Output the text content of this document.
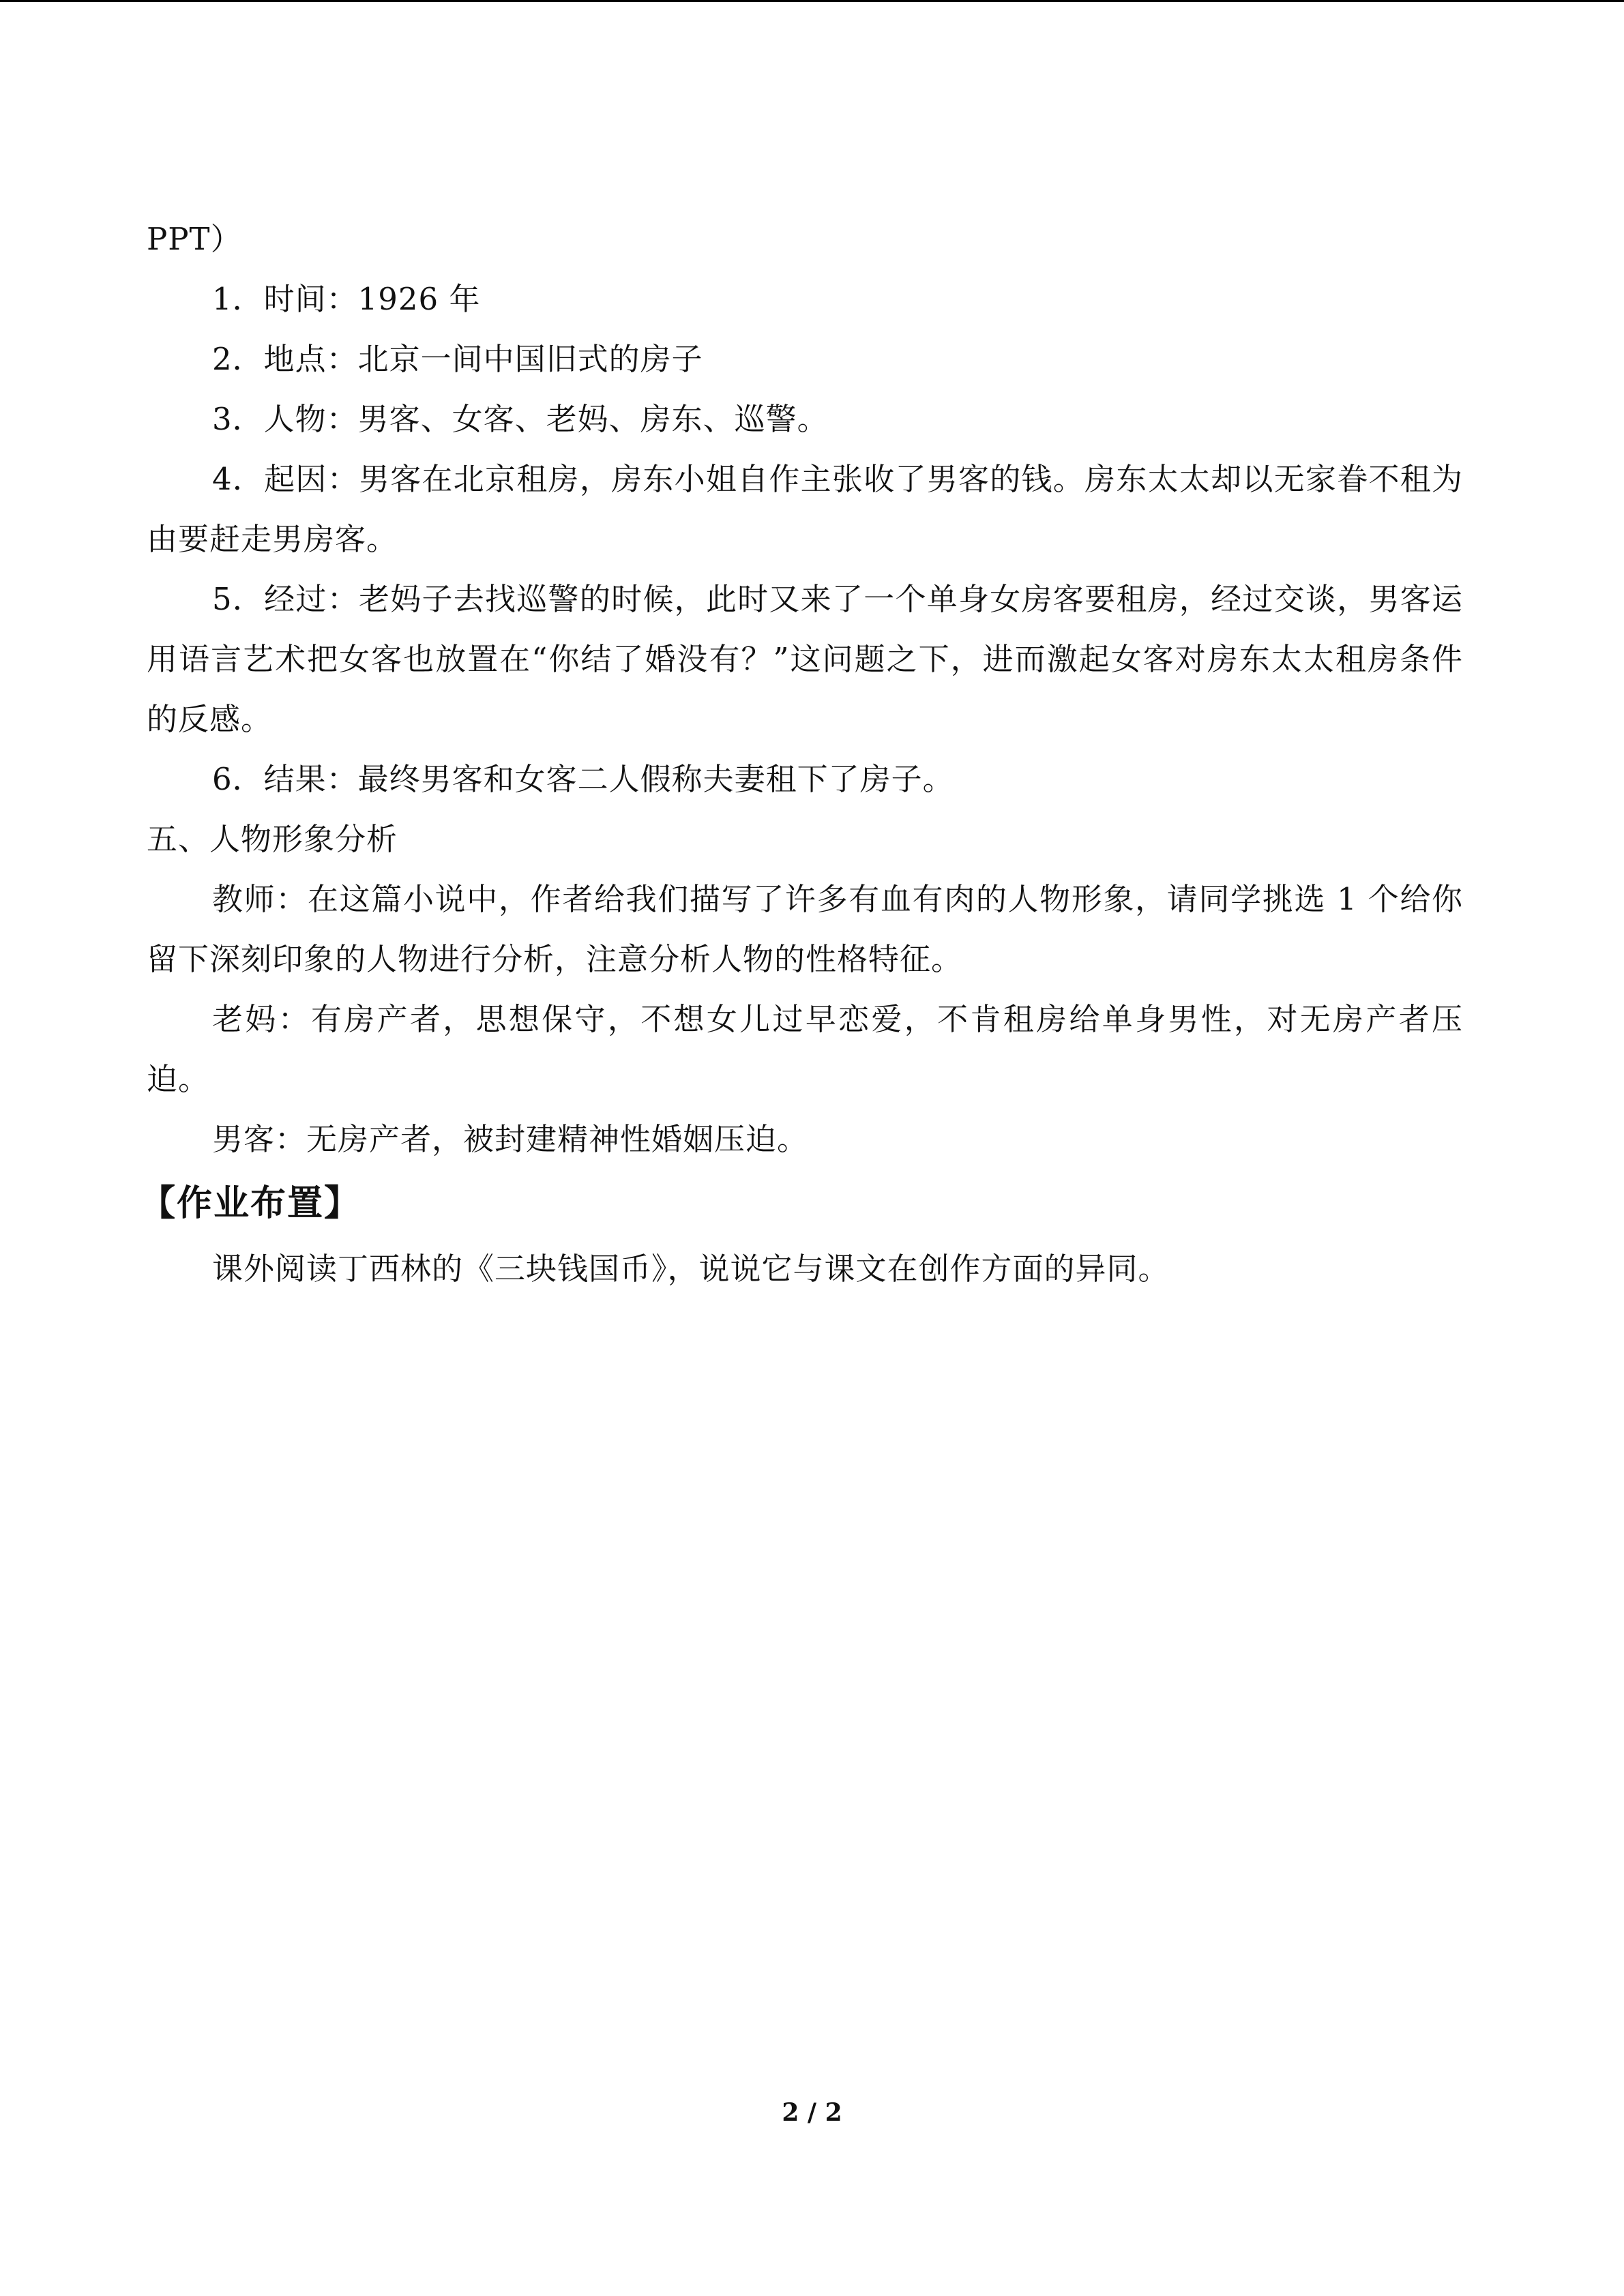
PPT）
1．时间：1926 年
2．地点：北京一间中国旧式的房子
3．人物：男客、女客、老妈、房东、巡警。
4．起因：男客在北京租房，房东小姐自作主张收了男客的钱。房东太太却以无家眷不租为由要赶走男房客。
5．经过：老妈子去找巡警的时候，此时又来了一个单身女房客要租房，经过交谈，男客运用语言艺术把女客也放置在“你结了婚没有？”这问题之下，进而激起女客对房东太太租房条件的反感。
6．结果：最终男客和女客二人假称夫妻租下了房子。
五、人物形象分析
教师：在这篇小说中，作者给我们描写了许多有血有肉的人物形象，请同学挑选 1 个给你留下深刻印象的人物进行分析，注意分析人物的性格特征。
老妈：有房产者，思想保守，不想女儿过早恋爱，不肯租房给单身男性，对无房产者压迫。
男客：无房产者，被封建精神性婚姻压迫。
【作业布置】
课外阅读丁西林的《三块钱国币》，说说它与课文在创作方面的异同。
2 / 2
